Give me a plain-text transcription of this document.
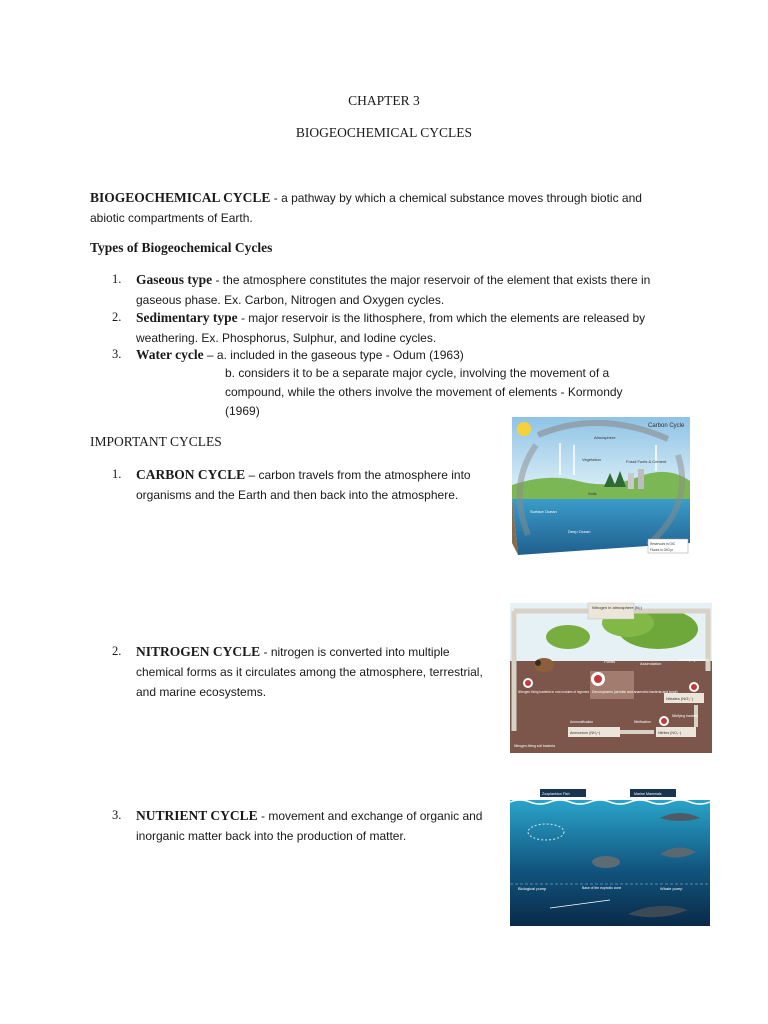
CHAPTER 3
BIOGEOCHEMICAL CYCLES
BIOGEOCHEMICAL CYCLE - a pathway by which a chemical substance moves through biotic and abiotic compartments of Earth.
Types of Biogeochemical Cycles
1. Gaseous type - the atmosphere constitutes the major reservoir of the element that exists there in gaseous phase. Ex. Carbon, Nitrogen and Oxygen cycles.
2. Sedimentary type - major reservoir is the lithosphere, from which the elements are released by weathering. Ex. Phosphorus, Sulphur, and Iodine cycles.
3. Water cycle – a. included in the gaseous type - Odum (1963)
b. considers it to be a separate major cycle, involving the movement of a compound, while the others involve the movement of elements - Kormondy (1969)
IMPORTANT CYCLES
1. CARBON CYCLE – carbon travels from the atmosphere into organisms and the Earth and then back into the atmosphere.
2. NITROGEN CYCLE - nitrogen is converted into multiple chemical forms as it circulates among the atmosphere, terrestrial, and marine ecosystems.
3. NUTRIENT CYCLE - movement and exchange of organic and inorganic matter back into the production of matter.
Carbon Cycle
Atmosphere
Vegetation	Fossil Fuels & Cement
Soils
Surface Ocean
Deep Ocean
Reservoirs in GtC
Fluxes in GtC/yr
Nitrogen in atmosphere (N₂)
Plants	Assimilation
Denitrifying bacteria
Nitrogen-fixing bacteria in root nodules of legumes Decomposers (aerobic and anaerobic bacteria and fungi)
Nitrates (NO₃⁻)
Nitrifying bacteria
Ammonification	Nitrification
Ammonium (NH₄⁺)	Nitrites (NO₂⁻)
Nitrogen-fixing soil bacteria
Zooplankton Fish	Marine Mammals
Biological pump	Whale pump
Base of the euphotic zone
